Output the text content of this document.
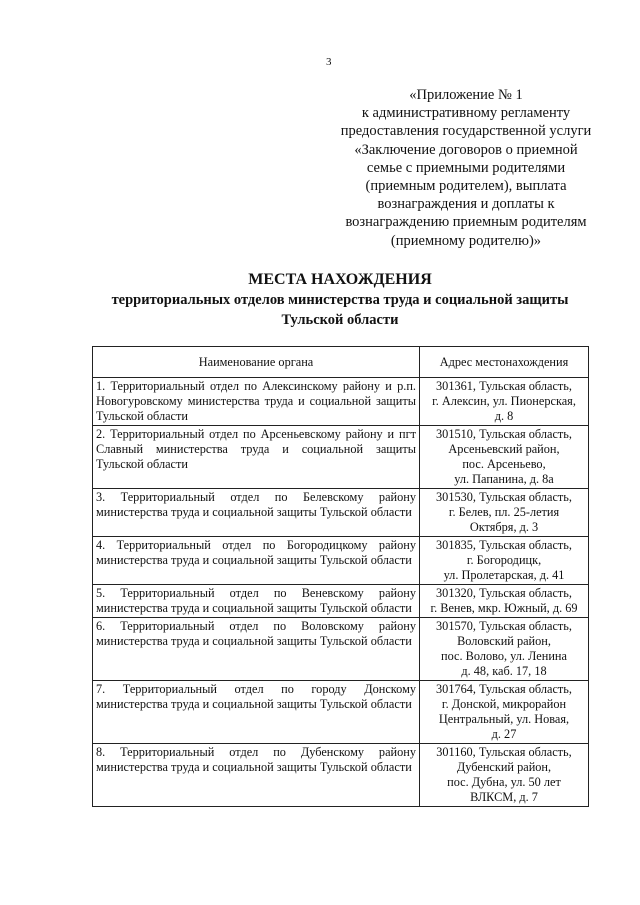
3
«Приложение № 1
к административному регламенту
предоставления государственной услуги
«Заключение договоров о приемной
семье с приемными родителями
(приемным родителем), выплата
вознаграждения и доплаты к
вознаграждению приемным родителям
(приемному родителю)»
МЕСТА НАХОЖДЕНИЯ
территориальных отделов министерства труда и социальной защиты
Тульской области
Наименование органа	Адрес местонахождения
1. Территориальный отдел по Алексинскому району и р.п. Новогуровскому министерства труда и социальной защиты Тульской области	301361, Тульская область,
г. Алексин, ул. Пионерская,
д. 8

2. Территориальный отдел по Арсеньевскому району и пгт Славный министерства труда и социальной защиты Тульской области	301510, Тульская область,
Арсеньевский район,
пос. Арсеньево,
ул. Папанина, д. 8а

3. Территориальный отдел по Белевскому району министерства труда и социальной защиты Тульской области	301530, Тульская область,
г. Белев, пл. 25-летия
Октября, д. 3

4. Территориальный отдел по Богородицкому району министерства труда и социальной защиты Тульской области	301835, Тульская область,
г. Богородицк,
ул. Пролетарская, д. 41

5. Территориальный отдел по Веневскому району министерства труда и социальной защиты Тульской области	301320, Тульская область,
г. Венев, мкр. Южный, д. 69

6. Территориальный отдел по Воловскому району министерства труда и социальной защиты Тульской области	301570, Тульская область,
Воловский район,
пос. Волово, ул. Ленина
д. 48, каб. 17, 18

7. Территориальный отдел по городу Донскому министерства труда и социальной защиты Тульской области	301764, Тульская область,
г. Донской, микрорайон
Центральный, ул. Новая,
д. 27

8. Территориальный отдел по Дубенскому району министерства труда и социальной защиты Тульской области	301160, Тульская область,
Дубенский район,
пос. Дубна, ул. 50 лет
ВЛКСМ, д. 7
